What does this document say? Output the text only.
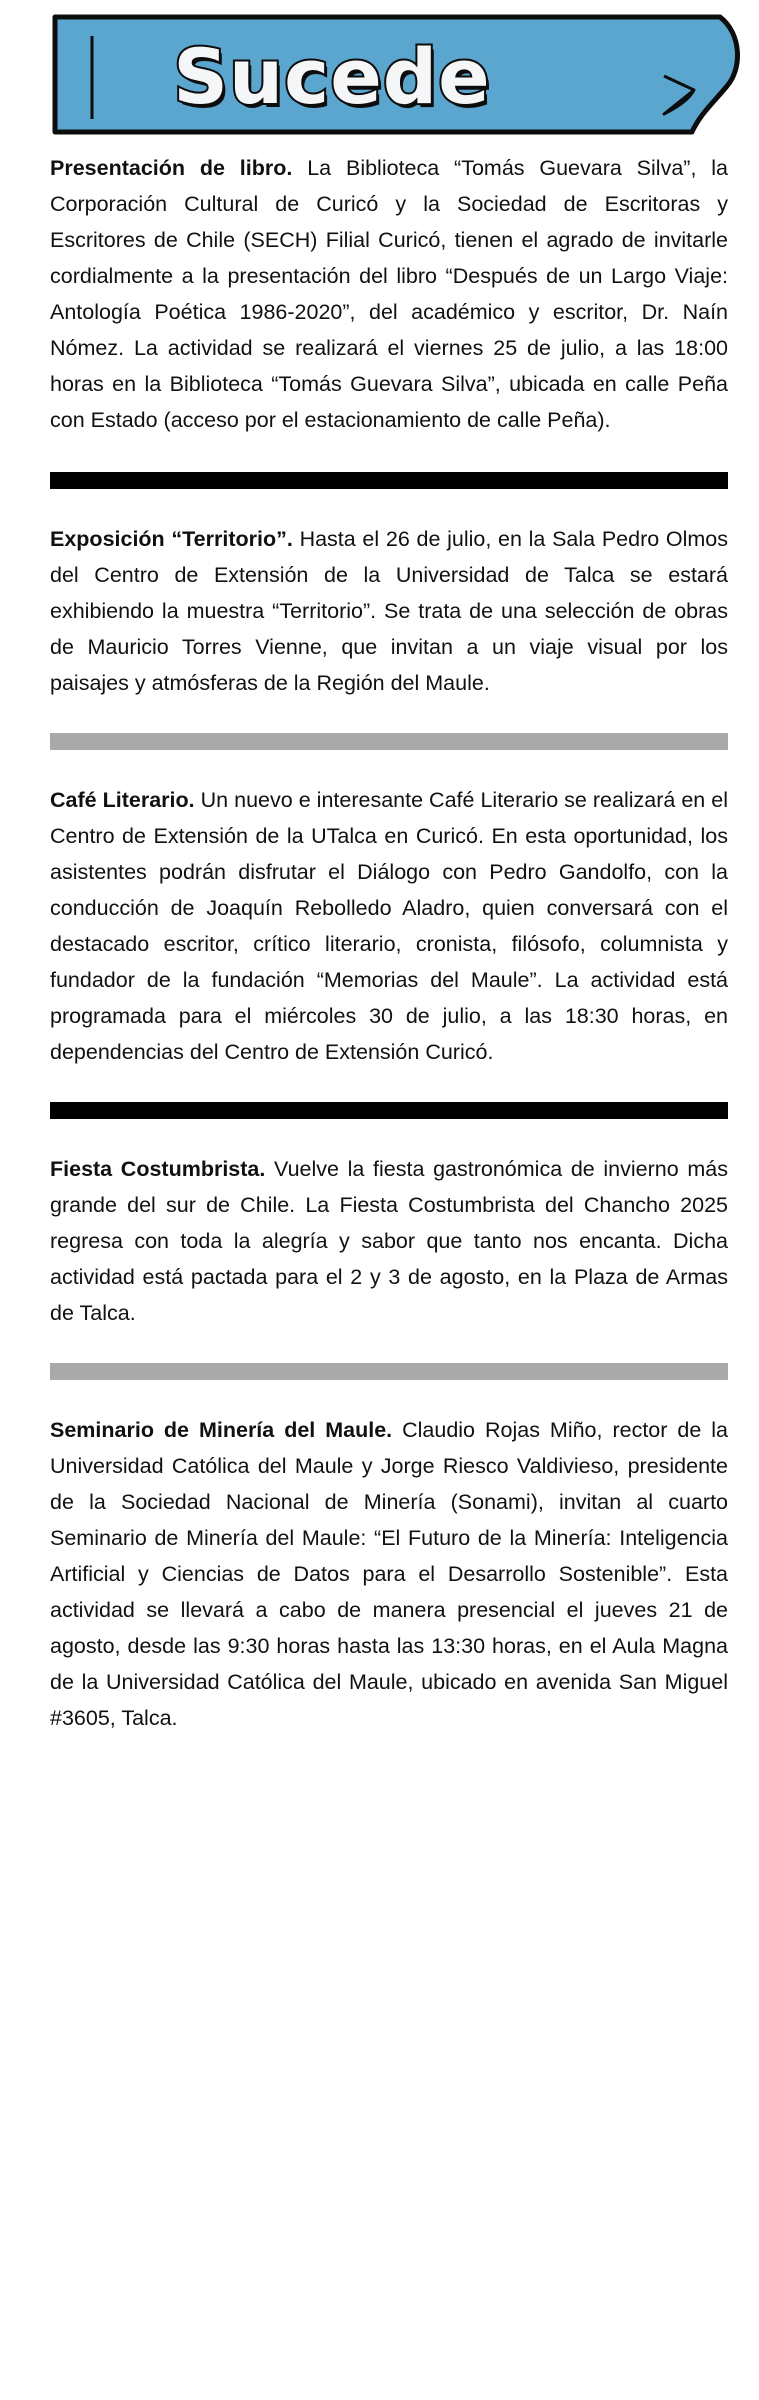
Sucede
Presentación de libro. La Biblioteca “Tomás Guevara Silva”, la Corporación Cultural de Curicó y la Sociedad de Escritoras y Escritores de Chile (SECH) Filial Curicó, tienen el agrado de invitarle cordialmente a la presentación del libro “Después de un Largo Viaje: Antología Poética 1986-2020”, del académico y escritor, Dr. Naín Nómez. La actividad se realizará el viernes 25 de julio, a las 18:00 horas en la Biblioteca “Tomás Guevara Silva”, ubicada en calle Peña con Estado (acceso por el estacionamiento de calle Peña).
Exposición “Territorio”. Hasta el 26 de julio, en la Sala Pedro Olmos del Centro de Extensión de la Universidad de Talca se estará exhibiendo la muestra “Territorio”. Se trata de una selección de obras de Mauricio Torres Vienne, que invitan a un viaje visual por los paisajes y atmósferas de la Región del Maule.
Café Literario. Un nuevo e interesante Café Literario se realizará en el Centro de Extensión de la UTalca en Curicó. En esta oportunidad, los asistentes podrán disfrutar el Diálogo con Pedro Gandolfo, con la conducción de Joaquín Rebolledo Aladro, quien conversará con el destacado escritor, crítico literario, cronista, filósofo, columnista y fundador de la fundación “Memorias del Maule”. La actividad está programada para el miércoles 30 de julio, a las 18:30 horas, en dependencias del Centro de Extensión Curicó.
Fiesta Costumbrista. Vuelve la fiesta gastronómica de invierno más grande del sur de Chile. La Fiesta Costumbrista del Chancho 2025 regresa con toda la alegría y sabor que tanto nos encanta. Dicha actividad está pactada para el 2 y 3 de agosto, en la Plaza de Armas de Talca.
Seminario de Minería del Maule. Claudio Rojas Miño, rector de la Universidad Católica del Maule y Jorge Riesco Valdivieso, presidente de la Sociedad Nacional de Minería (Sonami), invitan al cuarto Seminario de Minería del Maule: “El Futuro de la Minería: Inteligencia Artificial y Ciencias de Datos para el Desarrollo Sostenible”. Esta actividad se llevará a cabo de manera presencial el jueves 21 de agosto, desde las 9:30 horas hasta las 13:30 horas, en el Aula Magna de la Universidad Católica del Maule, ubicado en avenida San Miguel #3605, Talca.
